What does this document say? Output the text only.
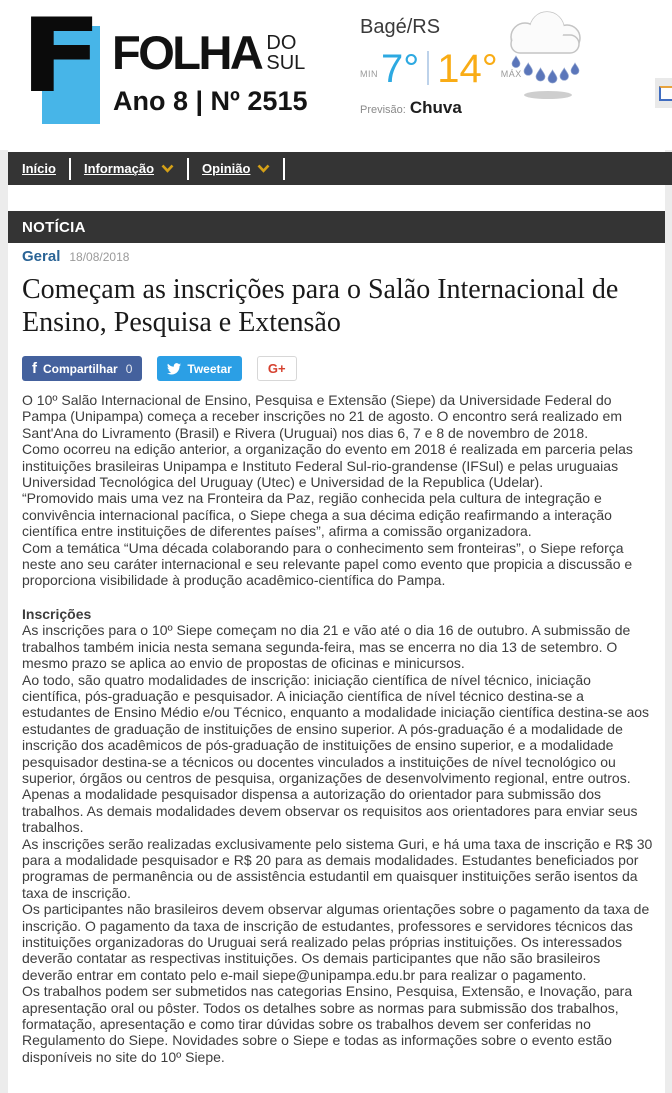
F FOLHA DO
SUL
Ano 8 | Nº 2515
Bagé/RS
MIN 7° 14° MÁX
Previsão: Chuva
Início Informação	Opinião
NOTÍCIA
Geral 18/08/2018
Começam as inscrições para o Salão Internacional de Ensino, Pesquisa e Extensão
f Compartilhar 0	Tweetar	G+

O 10º Salão Internacional de Ensino, Pesquisa e Extensão (Siepe) da Universidade Federal do Pampa (Unipampa) começa a receber inscrições no 21 de agosto. O encontro será realizado em Sant'Ana do Livramento (Brasil) e Rivera (Uruguai) nos dias 6, 7 e 8 de novembro de 2018.

Como ocorreu na edição anterior, a organização do evento em 2018 é realizada em parceria pelas instituições brasileiras Unipampa e Instituto Federal Sul-rio-grandense (IFSul) e pelas uruguaias Universidad Tecnológica del Uruguay (Utec) e Universidad de la Republica (Udelar).

“Promovido mais uma vez na Fronteira da Paz, região conhecida pela cultura de integração e convivência internacional pacífica, o Siepe chega a sua décima edição reafirmando a interação científica entre instituições de diferentes países”, afirma a comissão organizadora.

Com a temática “Uma década colaborando para o conhecimento sem fronteiras”, o Siepe reforça neste ano seu caráter internacional e seu relevante papel como evento que propicia a discussão e proporciona visibilidade à produção acadêmico-científica do Pampa.

Inscrições

As inscrições para o 10º Siepe começam no dia 21 e vão até o dia 16 de outubro. A submissão de trabalhos também inicia nesta semana segunda-feira, mas se encerra no dia 13 de setembro. O mesmo prazo se aplica ao envio de propostas de oficinas e minicursos.

Ao todo, são quatro modalidades de inscrição: iniciação científica de nível técnico, iniciação científica, pós-graduação e pesquisador. A iniciação científica de nível técnico destina-se a estudantes de Ensino Médio e/ou Técnico, enquanto a modalidade iniciação científica destina-se aos estudantes de graduação de instituições de ensino superior. A pós-graduação é a modalidade de inscrição dos acadêmicos de pós-graduação de instituições de ensino superior, e a modalidade pesquisador destina-se a técnicos ou docentes vinculados a instituições de nível tecnológico ou superior, órgãos ou centros de pesquisa, organizações de desenvolvimento regional, entre outros.

Apenas a modalidade pesquisador dispensa a autorização do orientador para submissão dos trabalhos. As demais modalidades devem observar os requisitos aos orientadores para enviar seus trabalhos.

As inscrições serão realizadas exclusivamente pelo sistema Guri, e há uma taxa de inscrição e R$ 30 para a modalidade pesquisador e R$ 20 para as demais modalidades. Estudantes beneficiados por programas de permanência ou de assistência estudantil em quaisquer instituições serão isentos da taxa de inscrição.

Os participantes não brasileiros devem observar algumas orientações sobre o pagamento da taxa de inscrição. O pagamento da taxa de inscrição de estudantes, professores e servidores técnicos das instituições organizadoras do Uruguai será realizado pelas próprias instituições. Os interessados deverão contatar as respectivas instituições. Os demais participantes que não são brasileiros deverão entrar em contato pelo e-mail siepe@unipampa.edu.br para realizar o pagamento.

Os trabalhos podem ser submetidos nas categorias Ensino, Pesquisa, Extensão, e Inovação, para apresentação oral ou pôster. Todos os detalhes sobre as normas para submissão dos trabalhos, formatação, apresentação e como tirar dúvidas sobre os trabalhos devem ser conferidas no Regulamento do Siepe. Novidades sobre o Siepe e todas as informações sobre o evento estão disponíveis no site do 10º Siepe.
